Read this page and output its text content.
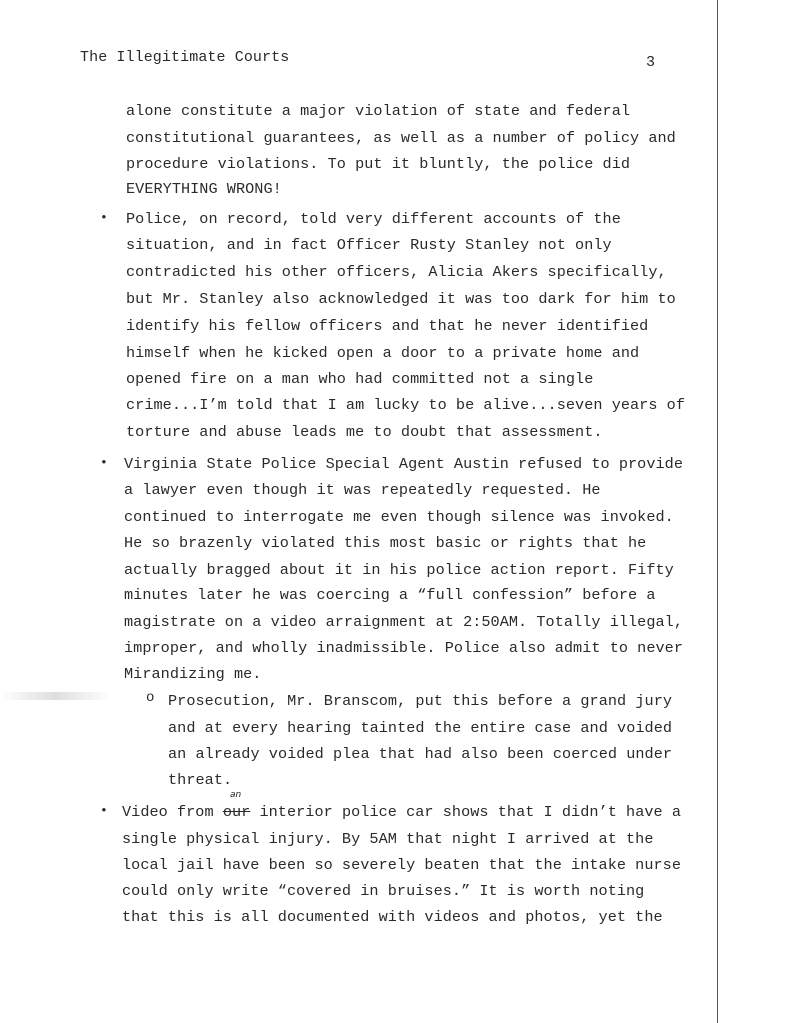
The Illegitimate Courts	3
alone constitute a major violation of state and federal
constitutional guarantees, as well as a number of policy and
procedure violations. To put it bluntly, the police did
EVERYTHING WRONG!
• Police, on record, told very different accounts of the
situation, and in fact Officer Rusty Stanley not only
contradicted his other officers, Alicia Akers specifically,
but Mr. Stanley also acknowledged it was too dark for him to
identify his fellow officers and that he never identified
himself when he kicked open a door to a private home and
opened fire on a man who had committed not a single
crime...I’m told that I am lucky to be alive...seven years of
torture and abuse leads me to doubt that assessment.
• Virginia State Police Special Agent Austin refused to provide
a lawyer even though it was repeatedly requested. He
continued to interrogate me even though silence was invoked.
He so brazenly violated this most basic or rights that he
actually bragged about it in his police action report. Fifty
minutes later he was coercing a “full confession” before a
magistrate on a video arraignment at 2:50AM. Totally illegal,
improper, and wholly inadmissible. Police also admit to never
Mirandizing me.
o Prosecution, Mr. Branscom, put this before a grand jury
and at every hearing tainted the entire case and voided
an already voided plea that had also been coerced under
threat.
• Video from our interior police car shows that I didn’t have a
an
single physical injury. By 5AM that night I arrived at the
local jail have been so severely beaten that the intake nurse
could only write “covered in bruises.” It is worth noting
that this is all documented with videos and photos, yet the
